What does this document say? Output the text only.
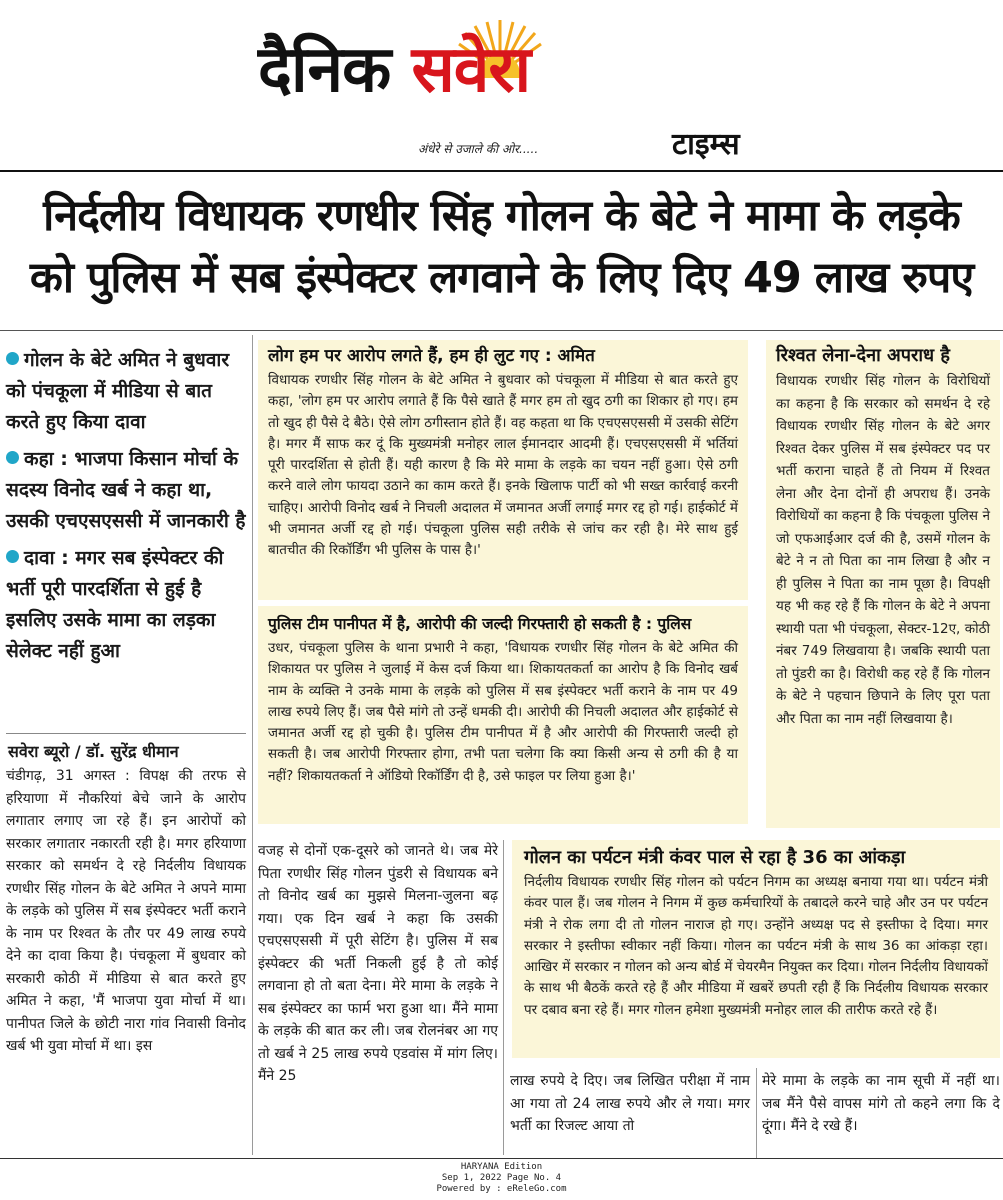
दैनिक सवेरा
अंधेरे से उजाले की ओर.....	टाइम्स
निर्दलीय विधायक रणधीर सिंह गोलन के बेटे ने मामा के लड़के
को पुलिस में सब इंस्पेक्टर लगवाने के लिए दिए 49 लाख रुपए
गोलन के बेटे अमित ने बुधवार को पंचकूला में मीडिया से बात करते हुए किया दावा
कहा : भाजपा किसान मोर्चा के सदस्य विनोद खर्ब ने कहा था, उसकी एचएसएससी में जानकारी है
दावा : मगर सब इंस्पेक्टर की भर्ती पूरी पारदर्शिता से हुई है इसलिए उसके मामा का लड़का सेलेक्ट नहीं हुआ
सवेरा ब्यूरो / डॉ. सुरेंद्र धीमान
चंडीगढ़, 31 अगस्त : विपक्ष की तरफ से हरियाणा में नौकरियां बेचे जाने के आरोप लगातार लगाए जा रहे हैं। इन आरोपों को सरकार लगातार नकारती रही है। मगर हरियाणा सरकार को समर्थन दे रहे निर्दलीय विधायक रणधीर सिंह गोलन के बेटे अमित ने अपने मामा के लड़के को पुलिस में सब इंस्पेक्टर भर्ती कराने के नाम पर रिश्वत के तौर पर 49 लाख रुपये देने का दावा किया है। पंचकूला में बुधवार को सरकारी कोठी में मीडिया से बात करते हुए अमित ने कहा, 'मैं भाजपा युवा मोर्चा में था। पानीपत जिले के छोटी नारा गांव निवासी विनोद खर्ब भी युवा मोर्चा में था। इस
लोग हम पर आरोप लगते हैं, हम ही लुट गए : अमित
विधायक रणधीर सिंह गोलन के बेटे अमित ने बुधवार को पंचकूला में मीडिया से बात करते हुए कहा, 'लोग हम पर आरोप लगाते हैं कि पैसे खाते हैं मगर हम तो खुद ठगी का शिकार हो गए। हम तो खुद ही पैसे दे बैठे। ऐसे लोग ठगीस्तान होते हैं। वह कहता था कि एचएसएससी में उसकी सेटिंग है। मगर मैं साफ कर दूं कि मुख्यमंत्री मनोहर लाल ईमानदार आदमी हैं। एचएसएससी में भर्तियां पूरी पारदर्शिता से होती हैं। यही कारण है कि मेरे मामा के लड़के का चयन नहीं हुआ। ऐसे ठगी करने वाले लोग फायदा उठाने का काम करते हैं। इनके खिलाफ पार्टी को भी सख्त कार्रवाई करनी चाहिए। आरोपी विनोद खर्ब ने निचली अदालत में जमानत अर्जी लगाई मगर रद्द हो गई। हाईकोर्ट में भी जमानत अर्जी रद्द हो गई। पंचकूला पुलिस सही तरीके से जांच कर रही है। मेरे साथ हुई बातचीत की रिकॉर्डिंग भी पुलिस के पास है।'
पुलिस टीम पानीपत में है, आरोपी की जल्दी गिरफ्तारी हो सकती है : पुलिस
उधर, पंचकूला पुलिस के थाना प्रभारी ने कहा, 'विधायक रणधीर सिंह गोलन के बेटे अमित की शिकायत पर पुलिस ने जुलाई में केस दर्ज किया था। शिकायतकर्ता का आरोप है कि विनोद खर्ब नाम के व्यक्ति ने उनके मामा के लड़के को पुलिस में सब इंस्पेक्टर भर्ती कराने के नाम पर 49 लाख रुपये लिए हैं। जब पैसे मांगे तो उन्हें धमकी दी। आरोपी की निचली अदालत और हाईकोर्ट से जमानत अर्जी रद्द हो चुकी है। पुलिस टीम पानीपत में है और आरोपी की गिरफ्तारी जल्दी हो सकती है। जब आरोपी गिरफ्तार होगा, तभी पता चलेगा कि क्या किसी अन्य से ठगी की है या नहीं? शिकायतकर्ता ने ऑडियो रिकॉर्डिंग दी है, उसे फाइल पर लिया हुआ है।'
रिश्वत लेना-देना अपराध है
विधायक रणधीर सिंह गोलन के विरोधियों का कहना है कि सरकार को समर्थन दे रहे विधायक रणधीर सिंह गोलन के बेटे अगर रिश्वत देकर पुलिस में सब इंस्पेक्टर पद पर भर्ती कराना चाहते हैं तो नियम में रिश्वत लेना और देना दोनों ही अपराध हैं। उनके विरोधियों का कहना है कि पंचकूला पुलिस ने जो एफआईआर दर्ज की है, उसमें गोलन के बेटे ने न तो पिता का नाम लिखा है और न ही पुलिस ने पिता का नाम पूछा है। विपक्षी यह भी कह रहे हैं कि गोलन के बेटे ने अपना स्थायी पता भी पंचकूला, सेक्टर-12ए, कोठी नंबर 749 लिखवाया है। जबकि स्थायी पता तो पुंडरी का है। विरोधी कह रहे हैं कि गोलन के बेटे ने पहचान छिपाने के लिए पूरा पता और पिता का नाम नहीं लिखवाया है।
वजह से दोनों एक-दूसरे को जानते थे। जब मेरे पिता रणधीर सिंह गोलन पुंडरी से विधायक बने तो विनोद खर्ब का मुझसे मिलना-जुलना बढ़ गया। एक दिन खर्ब ने कहा कि उसकी एचएसएससी में पूरी सेटिंग है। पुलिस में सब इंस्पेक्टर की भर्ती निकली हुई है तो कोई लगवाना हो तो बता देना। मेरे मामा के लड़के ने सब इंस्पेक्टर का फार्म भरा हुआ था। मैंने मामा के लड़के की बात कर ली। जब रोलनंबर आ गए तो खर्ब ने 25 लाख रुपये एडवांस में मांग लिए। मैंने 25
गोलन का पर्यटन मंत्री कंवर पाल से रहा है 36 का आंकड़ा
निर्दलीय विधायक रणधीर सिंह गोलन को पर्यटन निगम का अध्यक्ष बनाया गया था। पर्यटन मंत्री कंवर पाल हैं। जब गोलन ने निगम में कुछ कर्मचारियों के तबादले करने चाहे और उन पर पर्यटन मंत्री ने रोक लगा दी तो गोलन नाराज हो गए। उन्होंने अध्यक्ष पद से इस्तीफा दे दिया। मगर सरकार ने इस्तीफा स्वीकार नहीं किया। गोलन का पर्यटन मंत्री के साथ 36 का आंकड़ा रहा। आखिर में सरकार न गोलन को अन्य बोर्ड में चेयरमैन नियुक्त कर दिया। गोलन निर्दलीय विधायकों के साथ भी बैठकें करते रहे हैं और मीडिया में खबरें छपती रही हैं कि निर्दलीय विधायक सरकार पर दबाव बना रहे हैं। मगर गोलन हमेशा मुख्यमंत्री मनोहर लाल की तारीफ करते रहे हैं।
लाख रुपये दे दिए। जब लिखित परीक्षा में नाम आ गया तो 24 लाख रुपये और ले गया। मगर भर्ती का रिजल्ट आया तो
मेरे मामा के लड़के का नाम सूची में नहीं था। जब मैंने पैसे वापस मांगे तो कहने लगा कि दे दूंगा। मैंने दे रखे हैं।
HARYANA Edition
Sep 1, 2022 Page No. 4
Powered by : eReleGo.com
